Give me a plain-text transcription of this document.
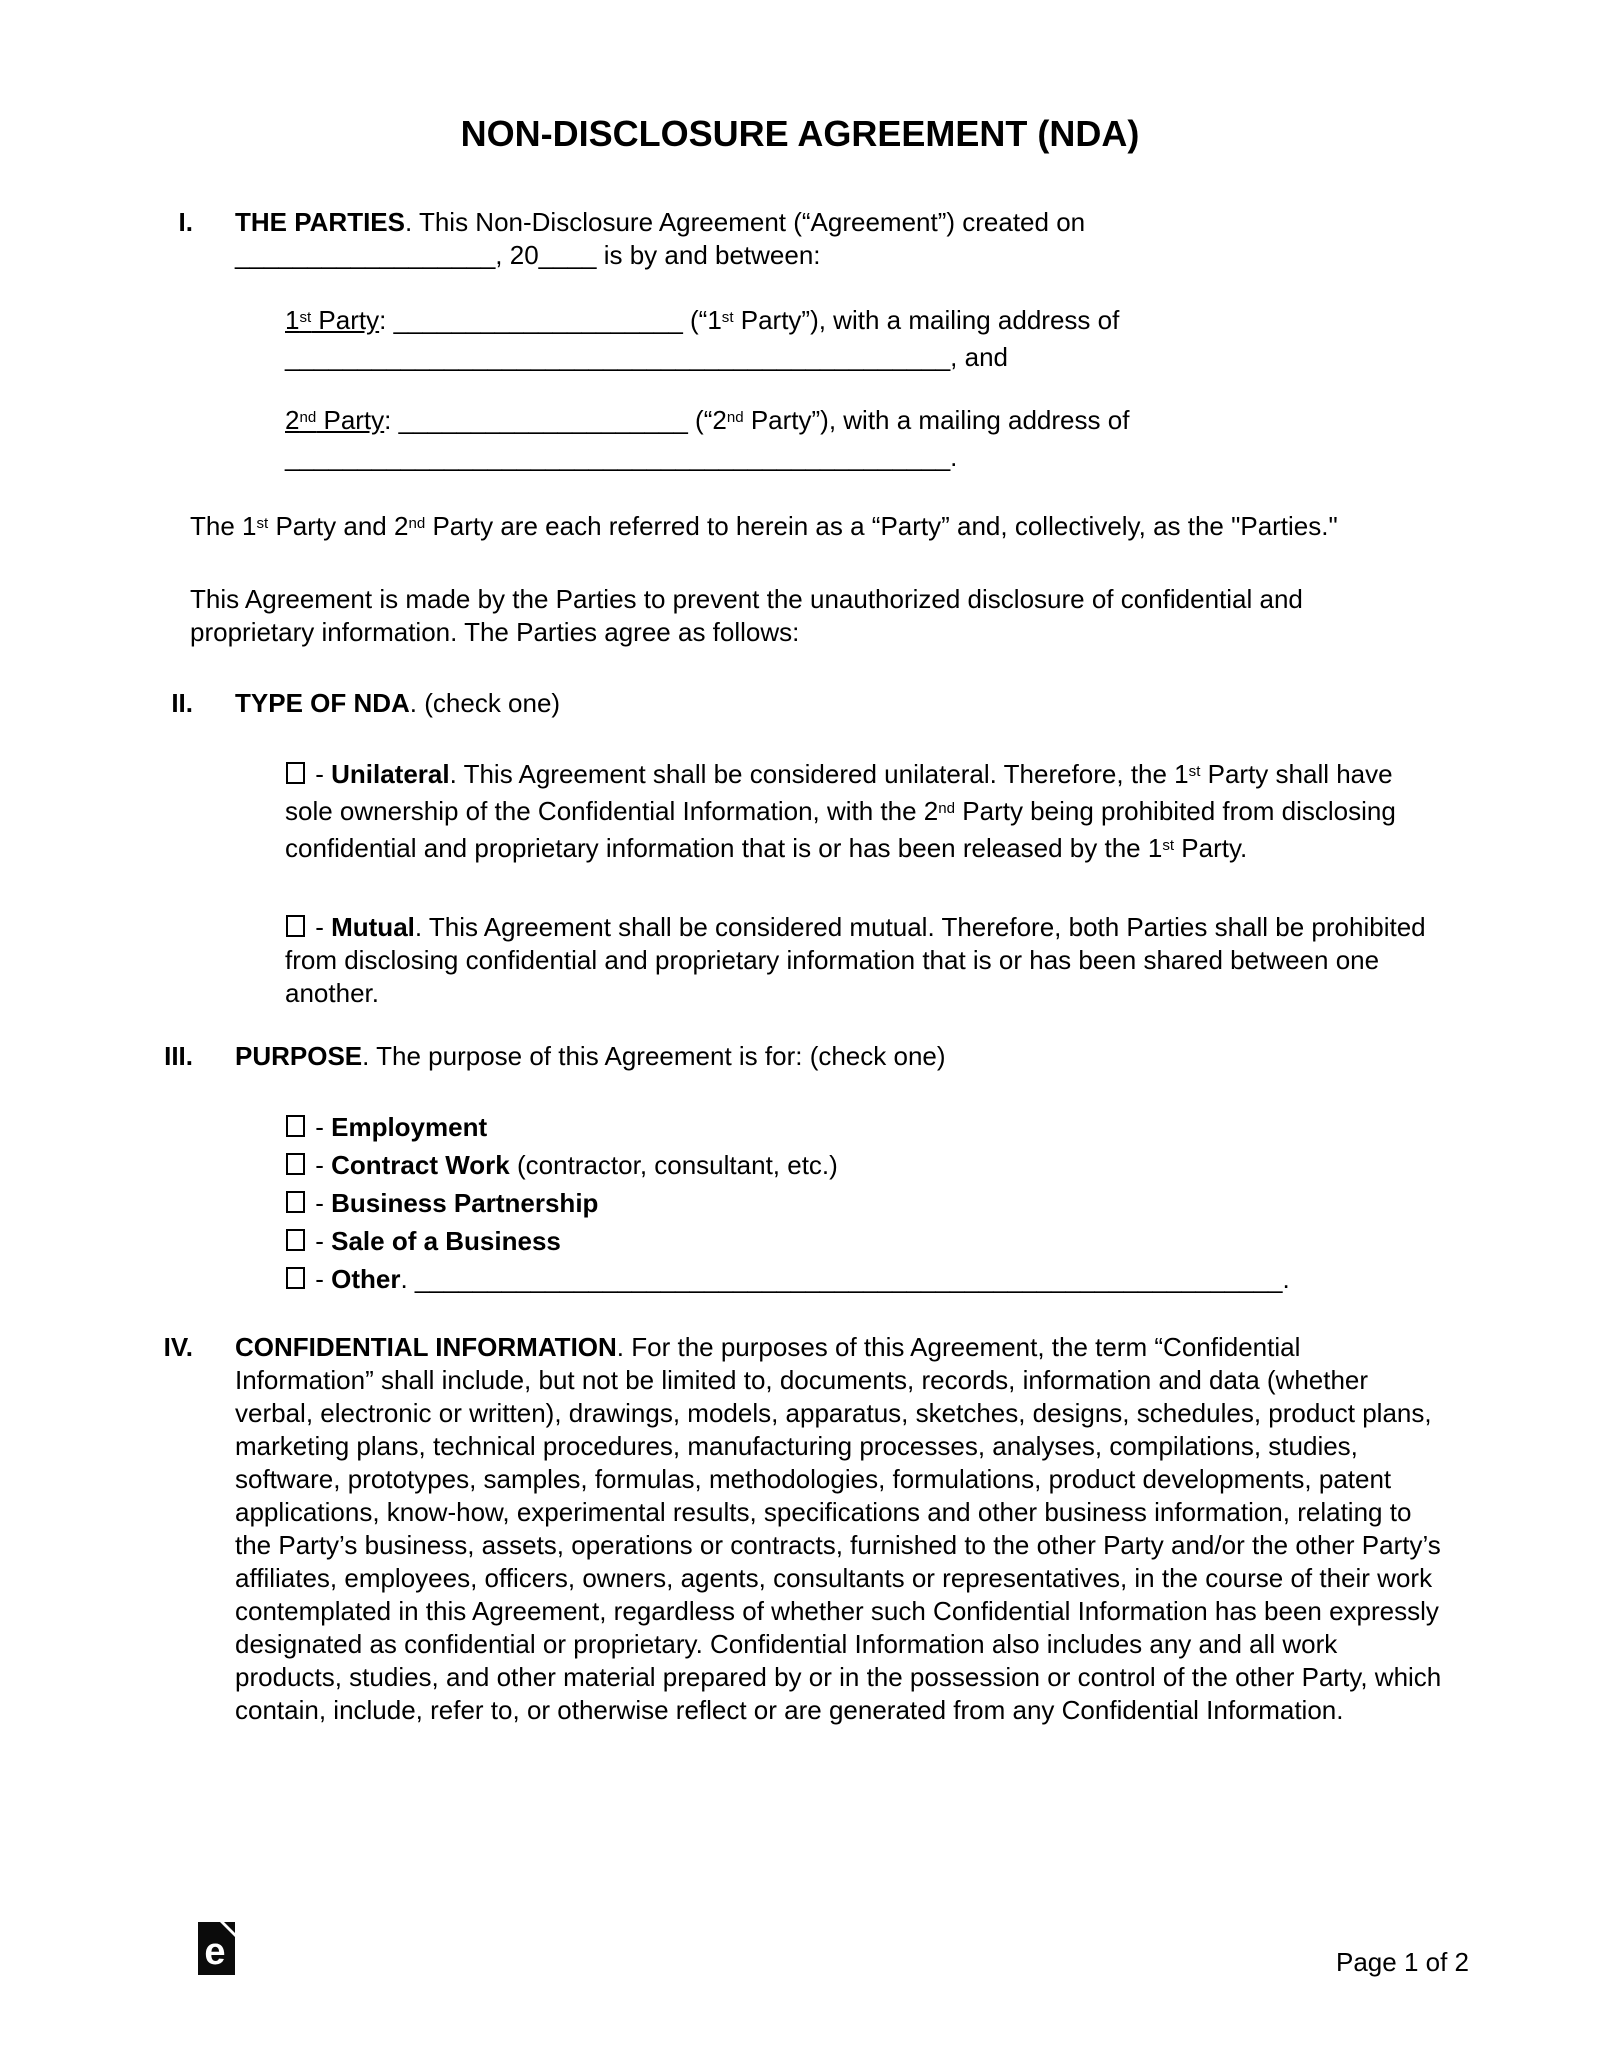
NON-DISCLOSURE AGREEMENT (NDA)
I. THE PARTIES. This Non-Disclosure Agreement (“Agreement”) created on
__________________, 20____ is by and between:
1st Party: ____________________ (“1st Party”), with a mailing address of
______________________________________________, and
2nd Party: ____________________ (“2nd Party”), with a mailing address of
______________________________________________.
The 1st Party and 2nd Party are each referred to herein as a “Party” and, collectively, as the "Parties."
This Agreement is made by the Parties to prevent the unauthorized disclosure of confidential and proprietary information. The Parties agree as follows:
II. TYPE OF NDA. (check one)
- Unilateral. This Agreement shall be considered unilateral. Therefore, the 1st Party shall have sole ownership of the Confidential Information, with the 2nd Party being prohibited from disclosing confidential and proprietary information that is or has been released by the 1st Party.
- Mutual. This Agreement shall be considered mutual. Therefore, both Parties shall be prohibited from disclosing confidential and proprietary information that is or has been shared between one another.
III. PURPOSE. The purpose of this Agreement is for: (check one)
- Employment
- Contract Work (contractor, consultant, etc.)
- Business Partnership
- Sale of a Business
- Other. ____________________________________________________________.
IV. CONFIDENTIAL INFORMATION. For the purposes of this Agreement, the term “Confidential Information” shall include, but not be limited to, documents, records, information and data (whether verbal, electronic or written), drawings, models, apparatus, sketches, designs, schedules, product plans, marketing plans, technical procedures, manufacturing processes, analyses, compilations, studies, software, prototypes, samples, formulas, methodologies, formulations, product developments, patent applications, know-how, experimental results, specifications and other business information, relating to the Party’s business, assets, operations or contracts, furnished to the other Party and/or the other Party’s affiliates, employees, officers, owners, agents, consultants or representatives, in the course of their work contemplated in this Agreement, regardless of whether such Confidential Information has been expressly designated as confidential or proprietary. Confidential Information also includes any and all work products, studies, and other material prepared by or in the possession or control of the other Party, which contain, include, refer to, or otherwise reflect or are generated from any Confidential Information.
e	Page 1 of 2
